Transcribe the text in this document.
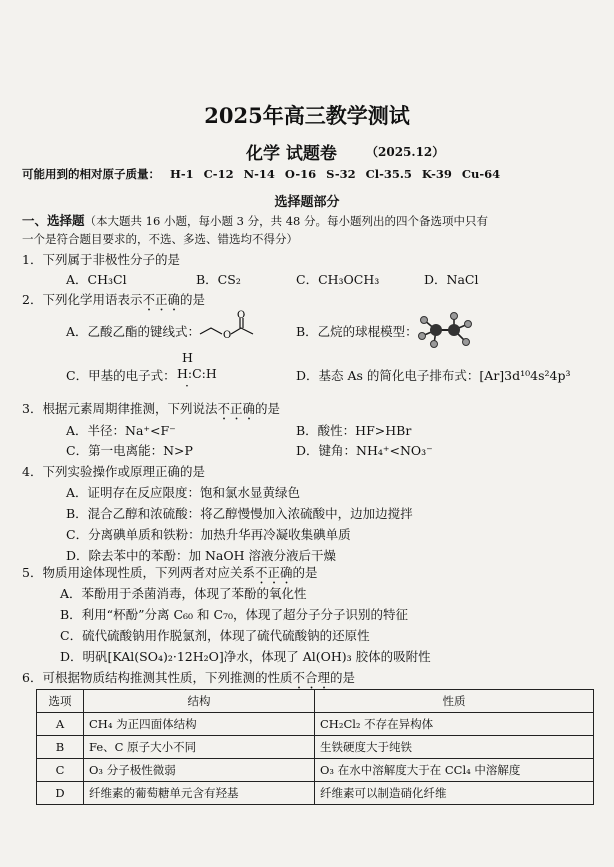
2025年高三教学测试
化学 试题卷 （2025.12）
可能用到的相对原子质量： H-1 C-12 N-14 O-16 S-32 Cl-35.5 K-39 Cu-64
选择题部分
一、选择题（本大题共 16 小题，每小题 3 分，共 48 分。每小题列出的四个备选项中只有
一个是符合题目要求的，不选、多选、错选均不得分）
1．下列属于非极性分子的是
A．CH₃Cl	B．CS₂	C．CH₃OCH₃	D．NaCl
2．下列化学用语表示不正确的是
A．乙酸乙酯的键线式： O
O
B．乙烷的球棍模型：
C．甲基的电子式：
H
H:C:H
·
D．基态 As 的简化电子排布式：[Ar]3d¹⁰4s²4p³
3．根据元素周期律推测，下列说法不正确的是
A．半径：Na⁺<F⁻	B．酸性：HF>HBr
C．第一电离能：N>P	D．键角：NH₄⁺<NO₃⁻
4．下列实验操作或原理正确的是
A．证明存在反应限度：饱和氯水显黄绿色
B．混合乙醇和浓硫酸：将乙醇慢慢加入浓硫酸中，边加边搅拌
C．分离碘单质和铁粉：加热升华再冷凝收集碘单质
D．除去苯中的苯酚：加 NaOH 溶液分液后干燥
5．物质用途体现性质，下列两者对应关系不正确的是
A．苯酚用于杀菌消毒，体现了苯酚的氧化性
B．利用“杯酚”分离 C₆₀ 和 C₇₀，体现了超分子分子识别的特征
C．硫代硫酸钠用作脱氯剂，体现了硫代硫酸钠的还原性
D．明矾[KAl(SO₄)₂·12H₂O]净水，体现了 Al(OH)₃ 胶体的吸附性
6．可根据物质结构推测其性质，下列推测的性质不合理的是
选项	结构	性质
A	CH₄ 为正四面体结构	CH₂Cl₂ 不存在异构体
B	Fe、C 原子大小不同	生铁硬度大于纯铁
C	O₃ 分子极性微弱	O₃ 在水中溶解度大于在 CCl₄ 中溶解度
D	纤维素的葡萄糖单元含有羟基	纤维素可以制造硝化纤维
